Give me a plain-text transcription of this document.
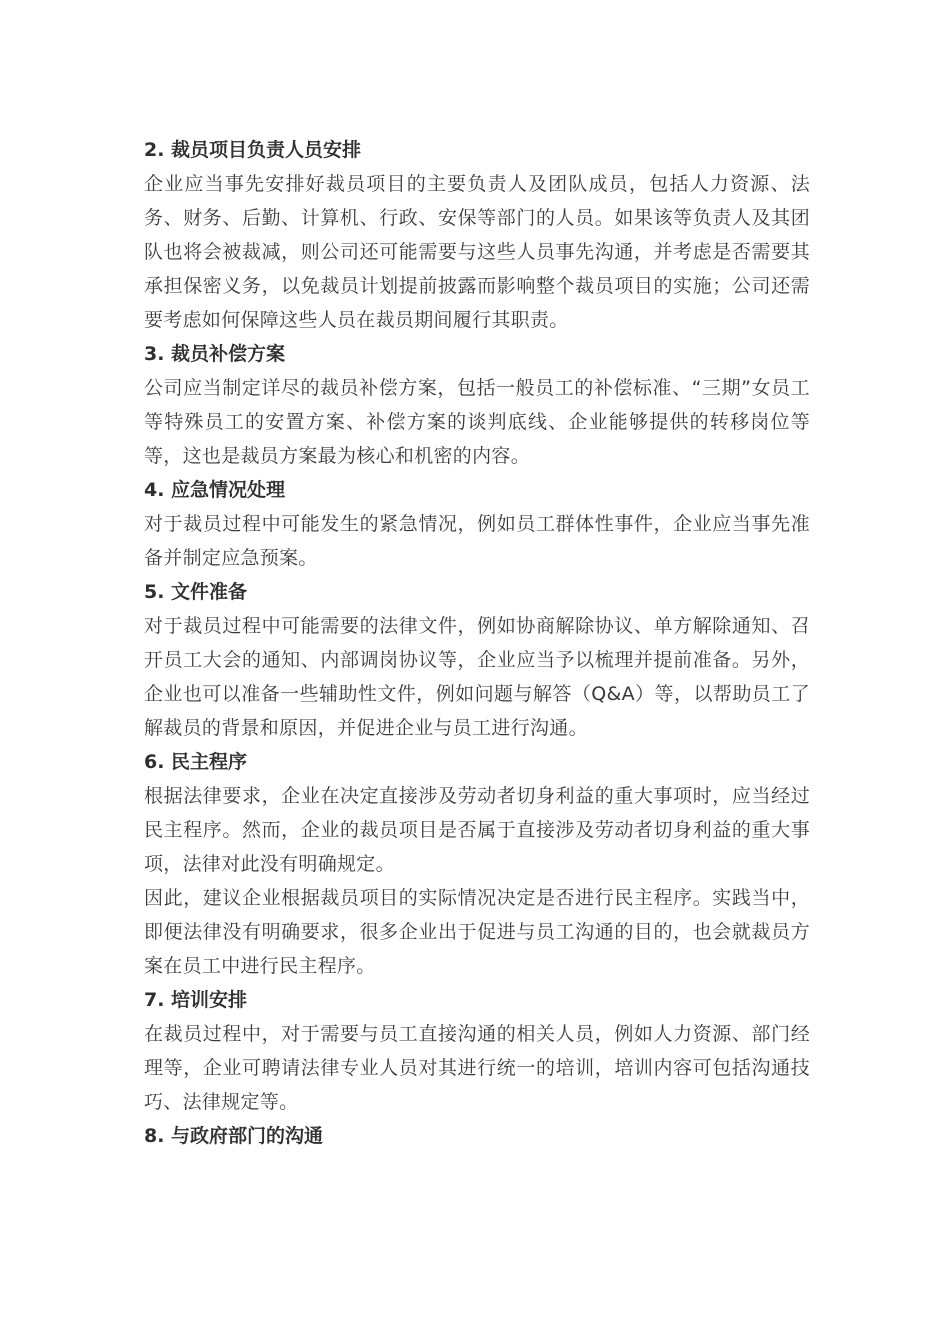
2. 裁员项目负责人员安排

企业应当事先安排好裁员项目的主要负责人及团队成员，包括人力资源、法务、财务、后勤、计算机、行政、安保等部门的人员。如果该等负责人及其团队也将会被裁减，则公司还可能需要与这些人员事先沟通，并考虑是否需要其承担保密义务，以免裁员计划提前披露而影响整个裁员项目的实施；公司还需要考虑如何保障这些人员在裁员期间履行其职责。

3. 裁员补偿方案

公司应当制定详尽的裁员补偿方案，包括一般员工的补偿标准、“三期”女员工等特殊员工的安置方案、补偿方案的谈判底线、企业能够提供的转移岗位等等，这也是裁员方案最为核心和机密的内容。

4. 应急情况处理

对于裁员过程中可能发生的紧急情况，例如员工群体性事件，企业应当事先准备并制定应急预案。

5. 文件准备

对于裁员过程中可能需要的法律文件，例如协商解除协议、单方解除通知、召开员工大会的通知、内部调岗协议等，企业应当予以梳理并提前准备。另外，企业也可以准备一些辅助性文件，例如问题与解答（Q&A）等，以帮助员工了解裁员的背景和原因，并促进企业与员工进行沟通。

6. 民主程序

根据法律要求，企业在决定直接涉及劳动者切身利益的重大事项时，应当经过民主程序。然而，企业的裁员项目是否属于直接涉及劳动者切身利益的重大事项，法律对此没有明确规定。

因此，建议企业根据裁员项目的实际情况决定是否进行民主程序。实践当中，即便法律没有明确要求，很多企业出于促进与员工沟通的目的，也会就裁员方案在员工中进行民主程序。

7. 培训安排

在裁员过程中，对于需要与员工直接沟通的相关人员，例如人力资源、部门经理等，企业可聘请法律专业人员对其进行统一的培训，培训内容可包括沟通技巧、法律规定等。

8. 与政府部门的沟通
